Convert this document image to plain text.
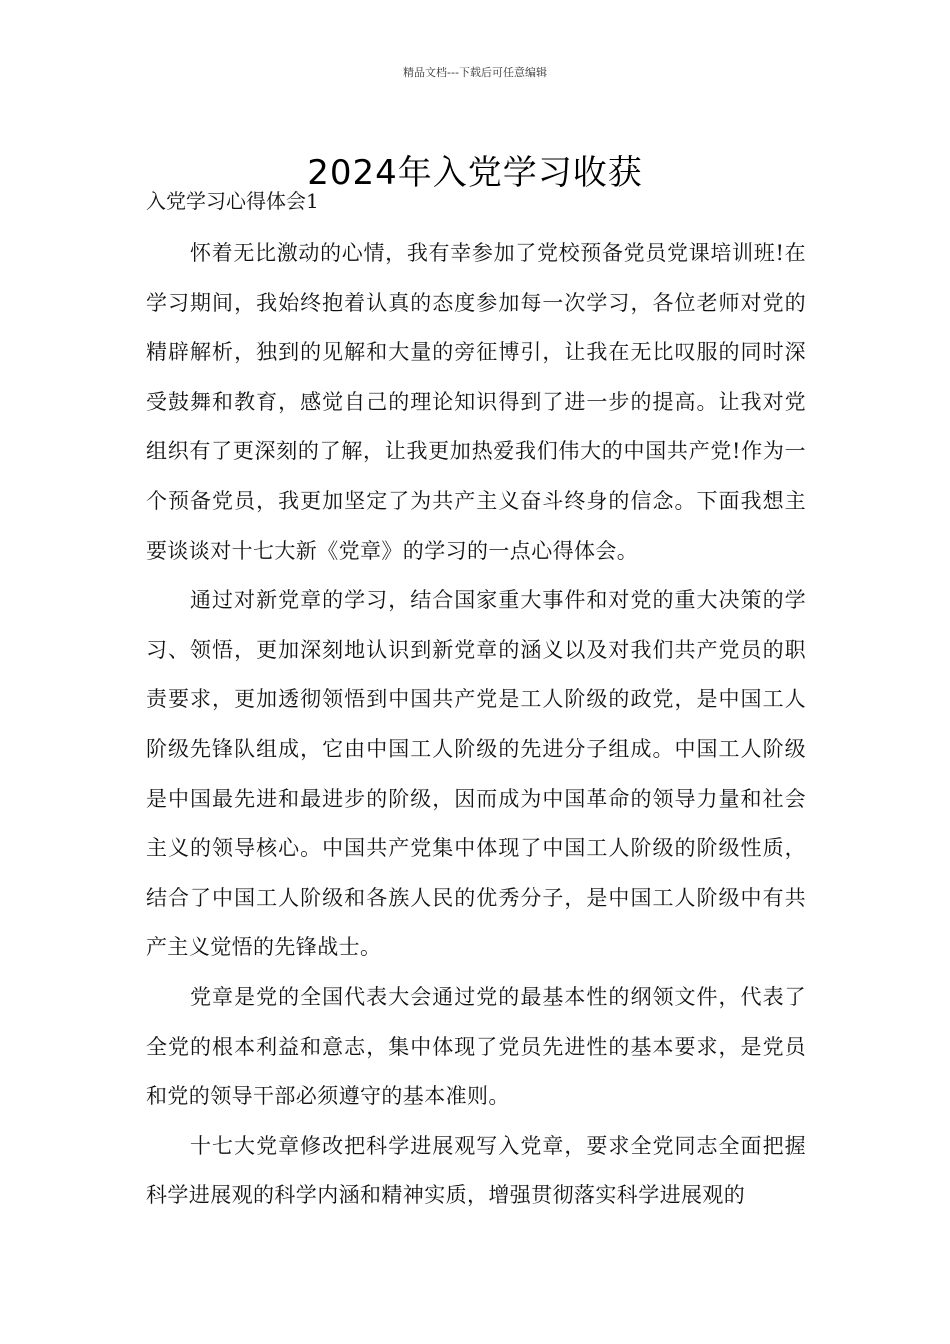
精品文档---下载后可任意编辑
2024年入党学习收获
入党学习心得体会1

怀着无比激动的心情，我有幸参加了党校预备党员党课培训班!在学习期间，我始终抱着认真的态度参加每一次学习，各位老师对党的精辟解析，独到的见解和大量的旁征博引，让我在无比叹服的同时深受鼓舞和教育，感觉自己的理论知识得到了进一步的提高。让我对党组织有了更深刻的了解，让我更加热爱我们伟大的中国共产党!作为一个预备党员，我更加坚定了为共产主义奋斗终身的信念。下面我想主要谈谈对十七大新《党章》的学习的一点心得体会。

通过对新党章的学习，结合国家重大事件和对党的重大决策的学习、领悟，更加深刻地认识到新党章的涵义以及对我们共产党员的职责要求，更加透彻领悟到中国共产党是工人阶级的政党，是中国工人阶级先锋队组成，它由中国工人阶级的先进分子组成。中国工人阶级是中国最先进和最进步的阶级，因而成为中国革命的领导力量和社会主义的领导核心。中国共产党集中体现了中国工人阶级的阶级性质，结合了中国工人阶级和各族人民的优秀分子，是中国工人阶级中有共产主义觉悟的先锋战士。

党章是党的全国代表大会通过党的最基本性的纲领文件，代表了全党的根本利益和意志，集中体现了党员先进性的基本要求，是党员和党的领导干部必须遵守的基本准则。

十七大党章修改把科学进展观写入党章，要求全党同志全面把握科学进展观的科学内涵和精神实质，增强贯彻落实科学进展观的
